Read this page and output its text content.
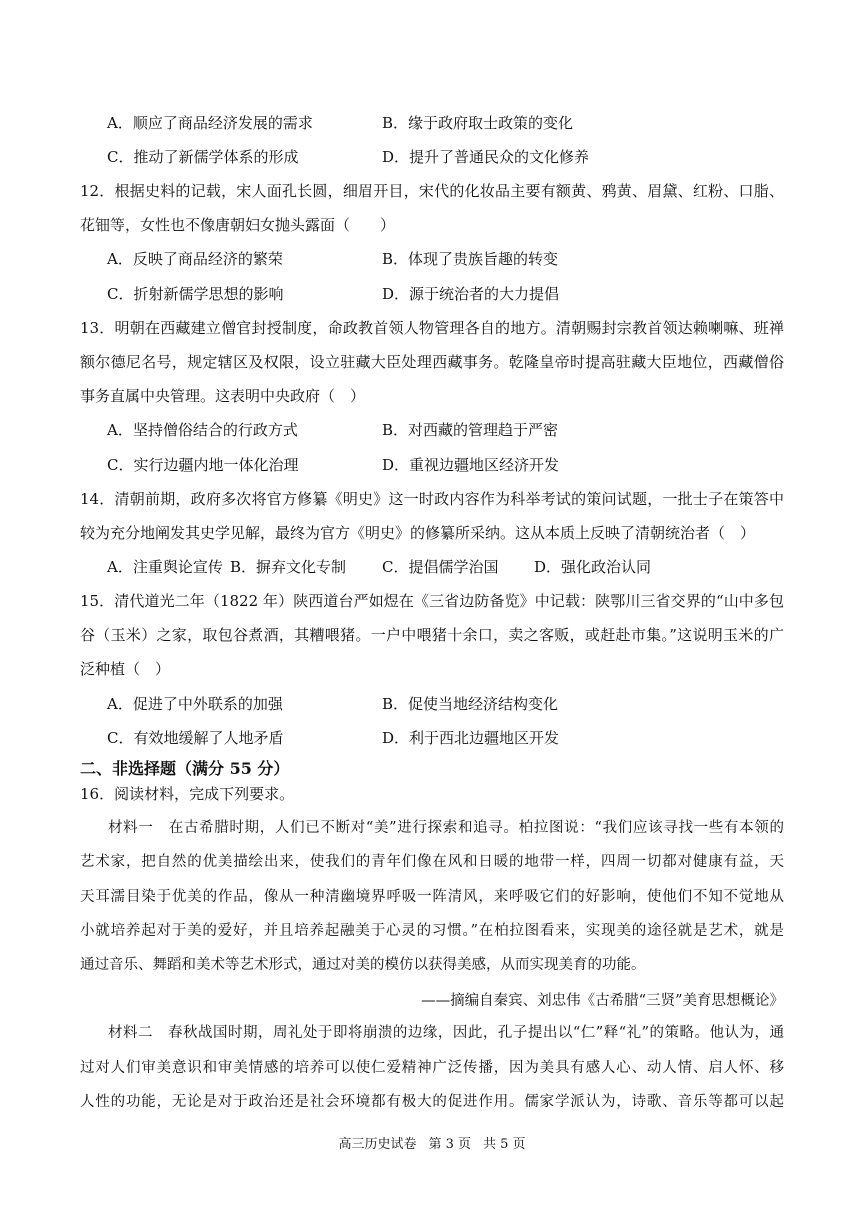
A．顺应了商品经济发展的需求	B．缘于政府取士政策的变化
C．推动了新儒学体系的形成	D．提升了普通民众的文化修养
12．根据史料的记载，宋人面孔长圆，细眉开目，宋代的化妆品主要有额黄、鸦黄、眉黛、红粉、口脂、
花钿等，女性也不像唐朝妇女抛头露面（　　）
A．反映了商品经济的繁荣	B．体现了贵族旨趣的转变
C．折射新儒学思想的影响	D．源于统治者的大力提倡
13．明朝在西藏建立僧官封授制度，命政教首领人物管理各自的地方。清朝赐封宗教首领达赖喇嘛、班禅
额尔德尼名号，规定辖区及权限，设立驻藏大臣处理西藏事务。乾隆皇帝时提高驻藏大臣地位，西藏僧俗
事务直属中央管理。这表明中央政府（　）
A．坚持僧俗结合的行政方式	B．对西藏的管理趋于严密
C．实行边疆内地一体化治理	D．重视边疆地区经济开发
14．清朝前期，政府多次将官方修纂《明史》这一时政内容作为科举考试的策问试题，一批士子在策答中
较为充分地阐发其史学见解，最终为官方《明史》的修纂所采纳。这从本质上反映了清朝统治者（　）
A．注重舆论宣传 B．摒弃文化专制 C．提倡儒学治国 D．强化政治认同
15．清代道光二年（1822 年）陕西道台严如煜在《三省边防备览》中记载：陕鄂川三省交界的“山中多包
谷（玉米）之家，取包谷煮酒，其糟喂猪。一户中喂猪十余口，卖之客贩，或赶赴市集。”这说明玉米的广
泛种植（　）
A．促进了中外联系的加强	B．促使当地经济结构变化
C．有效地缓解了人地矛盾	D．利于西北边疆地区开发
二、非选择题（满分 55 分）
16．阅读材料，完成下列要求。
材料一　在古希腊时期，人们已不断对“美”进行探索和追寻。柏拉图说：“我们应该寻找一些有本领的
艺术家，把自然的优美描绘出来，使我们的青年们像在风和日暖的地带一样，四周一切都对健康有益，天
天耳濡目染于优美的作品，像从一种清幽境界呼吸一阵清风，来呼吸它们的好影响，使他们不知不觉地从
小就培养起对于美的爱好，并且培养起融美于心灵的习惯。”在柏拉图看来，实现美的途径就是艺术，就是
通过音乐、舞蹈和美术等艺术形式，通过对美的模仿以获得美感，从而实现美育的功能。
——摘编自秦宾、刘忠伟《古希腊“三贤”美育思想概论》
材料二　春秋战国时期，周礼处于即将崩溃的边缘，因此，孔子提出以“仁”释“礼”的策略。他认为，通
过对人们审美意识和审美情感的培养可以使仁爱精神广泛传播，因为美具有感人心、动人情、启人怀、移
人性的功能，无论是对于政治还是社会环境都有极大的促进作用。儒家学派认为，诗歌、音乐等都可以起
高三历史试卷 第 3 页 共 5 页
